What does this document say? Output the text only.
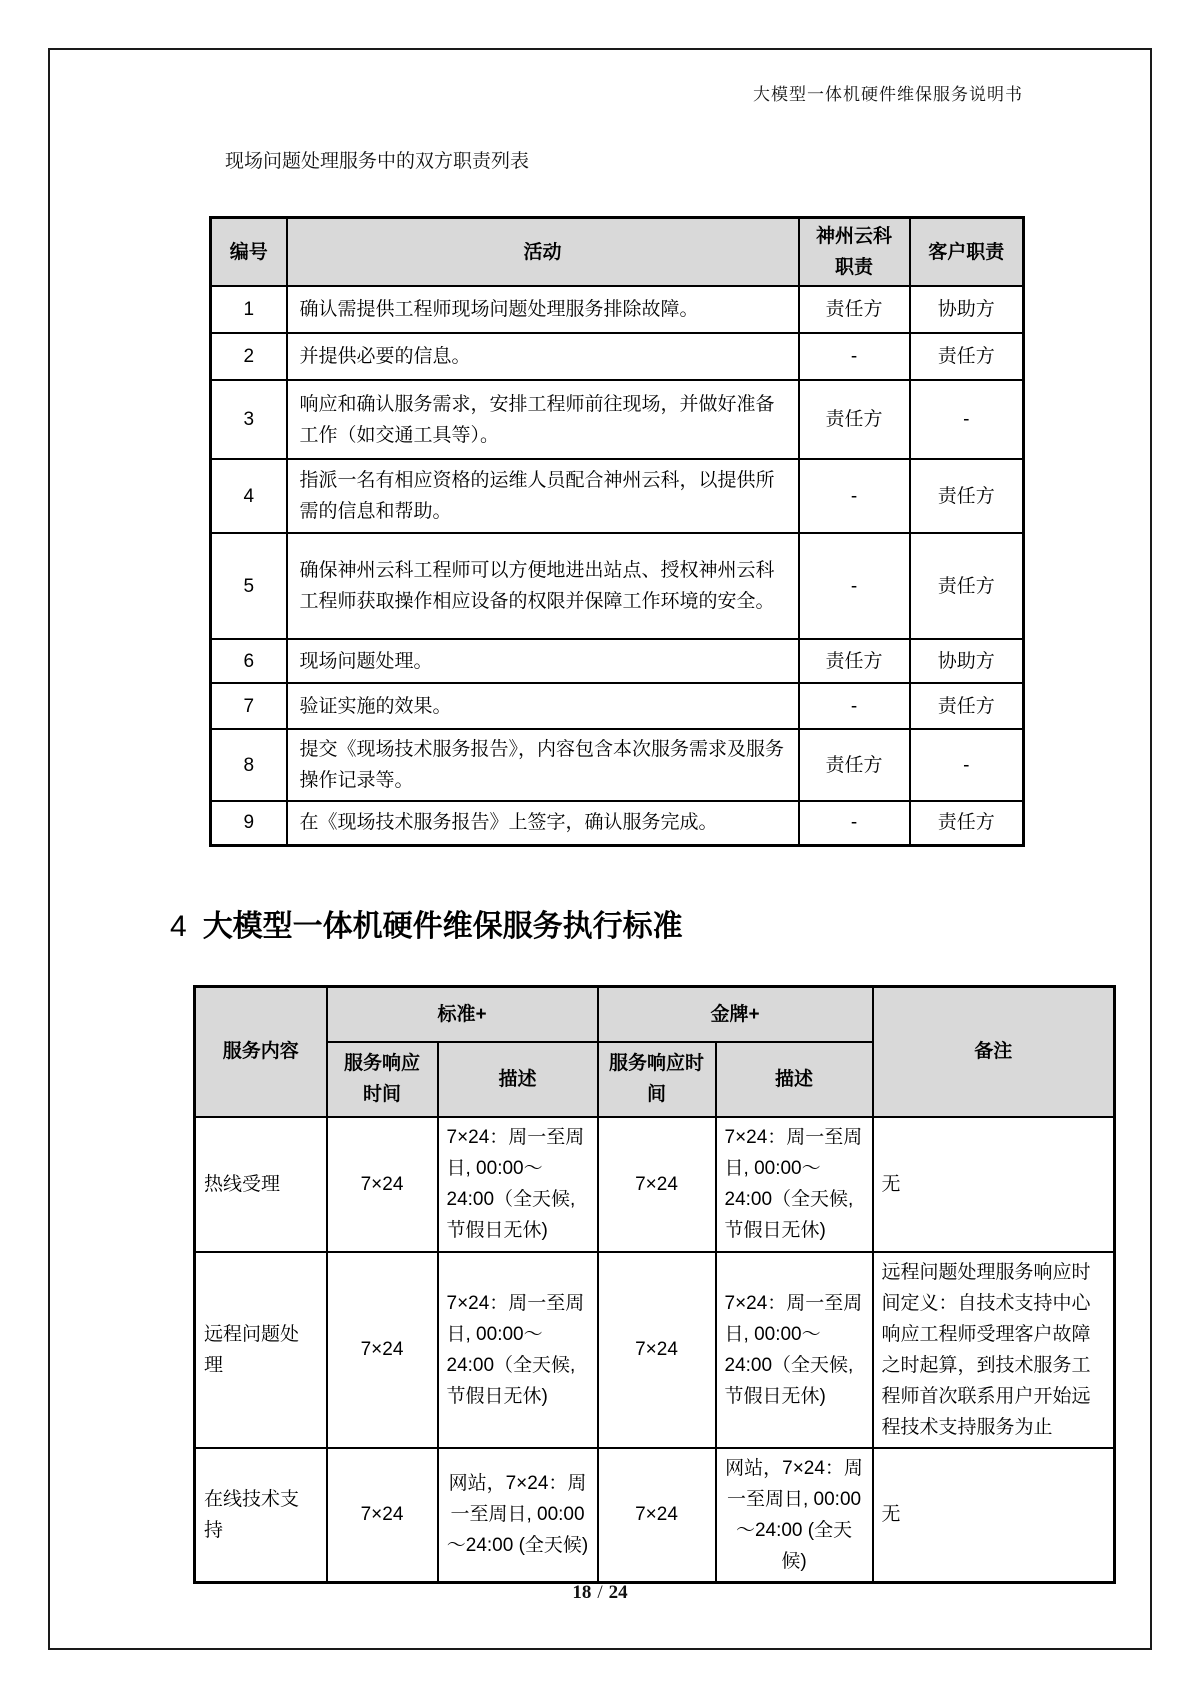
大模型一体机硬件维保服务说明书
现场问题处理服务中的双方职责列表
编号	活动	神州云科职责	客户职责
1	确认需提供工程师现场问题处理服务排除故障。	责任方	协助方
2	并提供必要的信息。	-	责任方
3	响应和确认服务需求，安排工程师前往现场，并做好准备工作（如交通工具等）。	责任方	-
4	指派一名有相应资格的运维人员配合神州云科，以提供所需的信息和帮助。	-	责任方
5	确保神州云科工程师可以方便地进出站点、授权神州云科工程师获取操作相应设备的权限并保障工作环境的安全。	-	责任方
6	现场问题处理。	责任方	协助方
7	验证实施的效果。	-	责任方
8	提交《现场技术服务报告》，内容包含本次服务需求及服务操作记录等。	责任方	-
9	在《现场技术服务报告》上签字，确认服务完成。	-	责任方
4 大模型一体机硬件维保服务执行标准
服务内容	标准+		金牌+		备注
	服务响应时间	描述	服务响应时间	描述	
热线受理	7×24	7×24：周一至周日, 00:00～24:00（全天候, 节假日无休)	7×24	7×24：周一至周日, 00:00～24:00（全天候, 节假日无休)	无
远程问题处理	7×24	7×24：周一至周日, 00:00～24:00（全天候, 节假日无休)	7×24	7×24：周一至周日, 00:00～24:00（全天候, 节假日无休)	远程问题处理服务响应时间定义：自技术支持中心响应工程师受理客户故障之时起算，到技术服务工程师首次联系用户开始远程技术支持服务为止
在线技术支持	7×24	网站，7×24：周一至周日, 00:00～24:00 (全天候)	7×24	网站，7×24：周一至周日, 00:00～24:00 (全天候)	无
18 / 24
